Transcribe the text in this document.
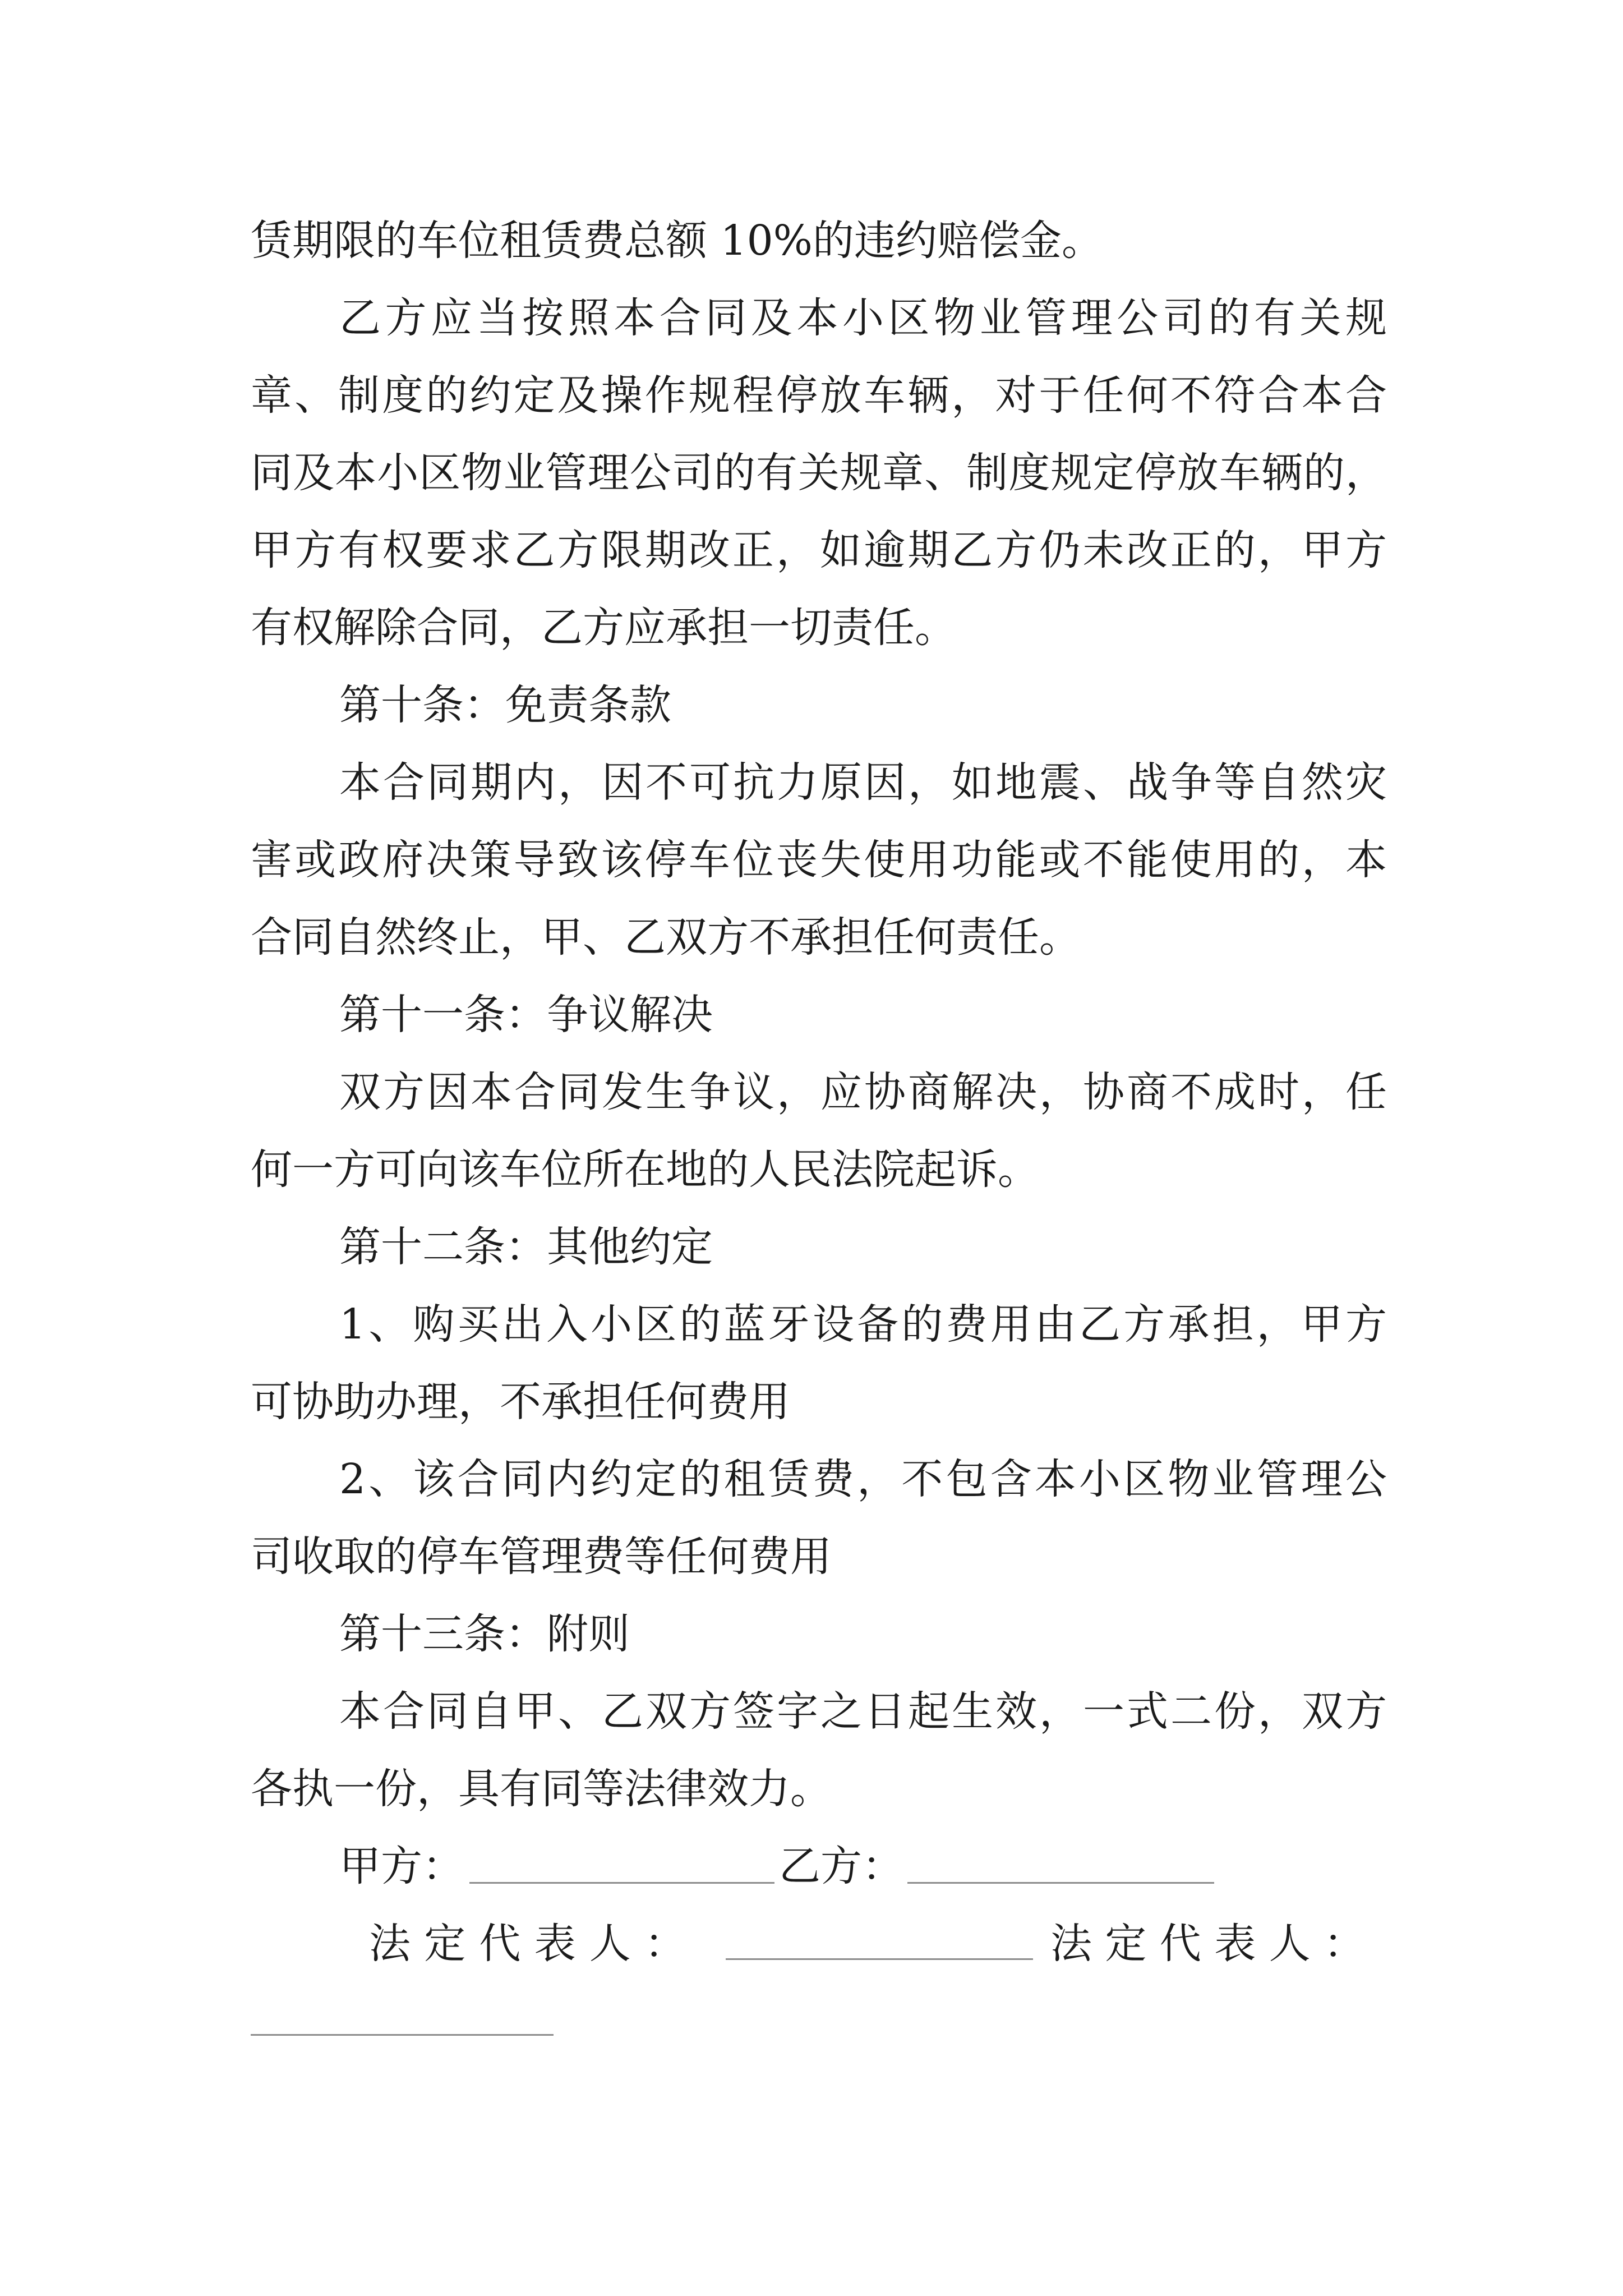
赁期限的车位租赁费总额 10%的违约赔偿金。
乙方应当按照本合同及本小区物业管理公司的有关规
章、制度的约定及操作规程停放车辆，对于任何不符合本合
同及本小区物业管理公司的有关规章、制度规定停放车辆的，
甲方有权要求乙方限期改正，如逾期乙方仍未改正的，甲方
有权解除合同，乙方应承担一切责任。
第十条：免责条款
本合同期内，因不可抗力原因，如地震、战争等自然灾
害或政府决策导致该停车位丧失使用功能或不能使用的，本
合同自然终止，甲、乙双方不承担任何责任。
第十一条：争议解决
双方因本合同发生争议，应协商解决，协商不成时，任
何一方可向该车位所在地的人民法院起诉。
第十二条：其他约定
1、购买出入小区的蓝牙设备的费用由乙方承担，甲方
可协助办理，不承担任何费用
2、该合同内约定的租赁费，不包含本小区物业管理公
司收取的停车管理费等任何费用
第十三条：附则
本合同自甲、乙双方签字之日起生效，一式二份，双方
各执一份，具有同等法律效力。
甲方：	乙方：
法定代表人：	法定代表人：
